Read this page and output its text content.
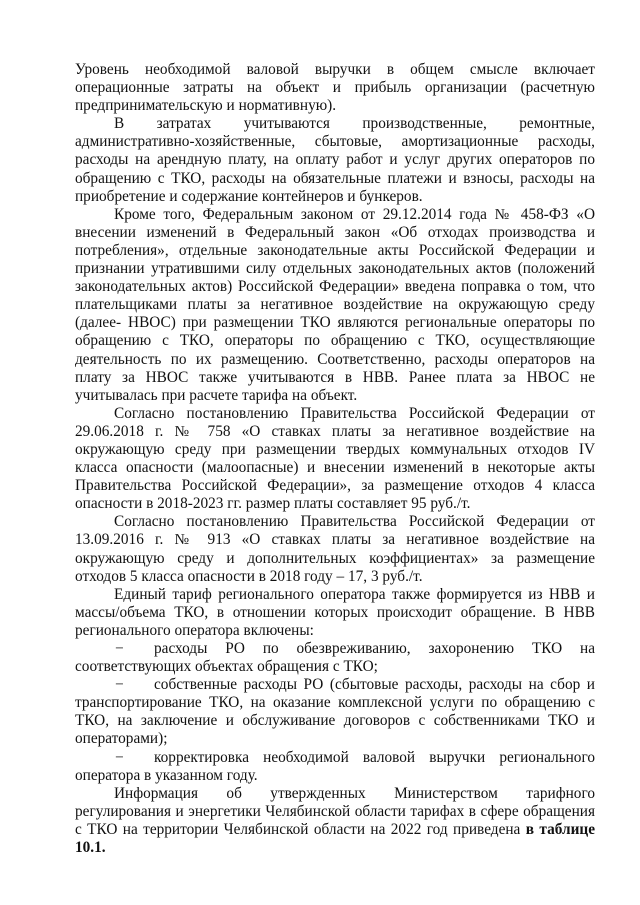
Уровень необходимой валовой выручки в общем смысле включает операционные затраты на объект и прибыль организации (расчетную предпринимательскую и нормативную).

В затратах учитываются производственные, ремонтные, административно-хозяйственные, сбытовые, амортизационные расходы, расходы на арендную плату, на оплату работ и услуг других операторов по обращению с ТКО, расходы на обязательные платежи и взносы, расходы на приобретение и содержание контейнеров и бункеров.

Кроме того, Федеральным законом от 29.12.2014 года № 458-ФЗ «О внесении изменений в Федеральный закон «Об отходах производства и потребления», отдельные законодательные акты Российской Федерации и признании утратившими силу отдельных законодательных актов (положений законодательных актов) Российской Федерации» введена поправка о том, что плательщиками платы за негативное воздействие на окружающую среду (далее- НВОС) при размещении ТКО являются региональные операторы по обращению с ТКО, операторы по обращению с ТКО, осуществляющие деятельность по их размещению. Соответственно, расходы операторов на плату за НВОС также учитываются в НВВ. Ранее плата за НВОС не учитывалась при расчете тарифа на объект.

Согласно постановлению Правительства Российской Федерации от 29.06.2018 г. № 758 «О ставках платы за негативное воздействие на окружающую среду при размещении твердых коммунальных отходов IV класса опасности (малоопасные) и внесении изменений в некоторые акты Правительства Российской Федерации», за размещение отходов 4 класса опасности в 2018-2023 гг. размер платы составляет 95 руб./т.

Согласно постановлению Правительства Российской Федерации от 13.09.2016 г. № 913 «О ставках платы за негативное воздействие на окружающую среду и дополнительных коэффициентах» за размещение отходов 5 класса опасности в 2018 году – 17, 3 руб./т.

Единый тариф регионального оператора также формируется из НВВ и массы/объема ТКО, в отношении которых происходит обращение. В НВВ регионального оператора включены:

− расходы РО по обезвреживанию, захоронению ТКО на соответствующих объектах обращения с ТКО;

− собственные расходы РО (сбытовые расходы, расходы на сбор и транспортирование ТКО, на оказание комплексной услуги по обращению с ТКО, на заключение и обслуживание договоров с собственниками ТКО и операторами);

− корректировка необходимой валовой выручки регионального оператора в указанном году.

Информация об утвержденных Министерством тарифного регулирования и энергетики Челябинской области тарифах в сфере обращения с ТКО на территории Челябинской области на 2022 год приведена в таблице 10.1.
